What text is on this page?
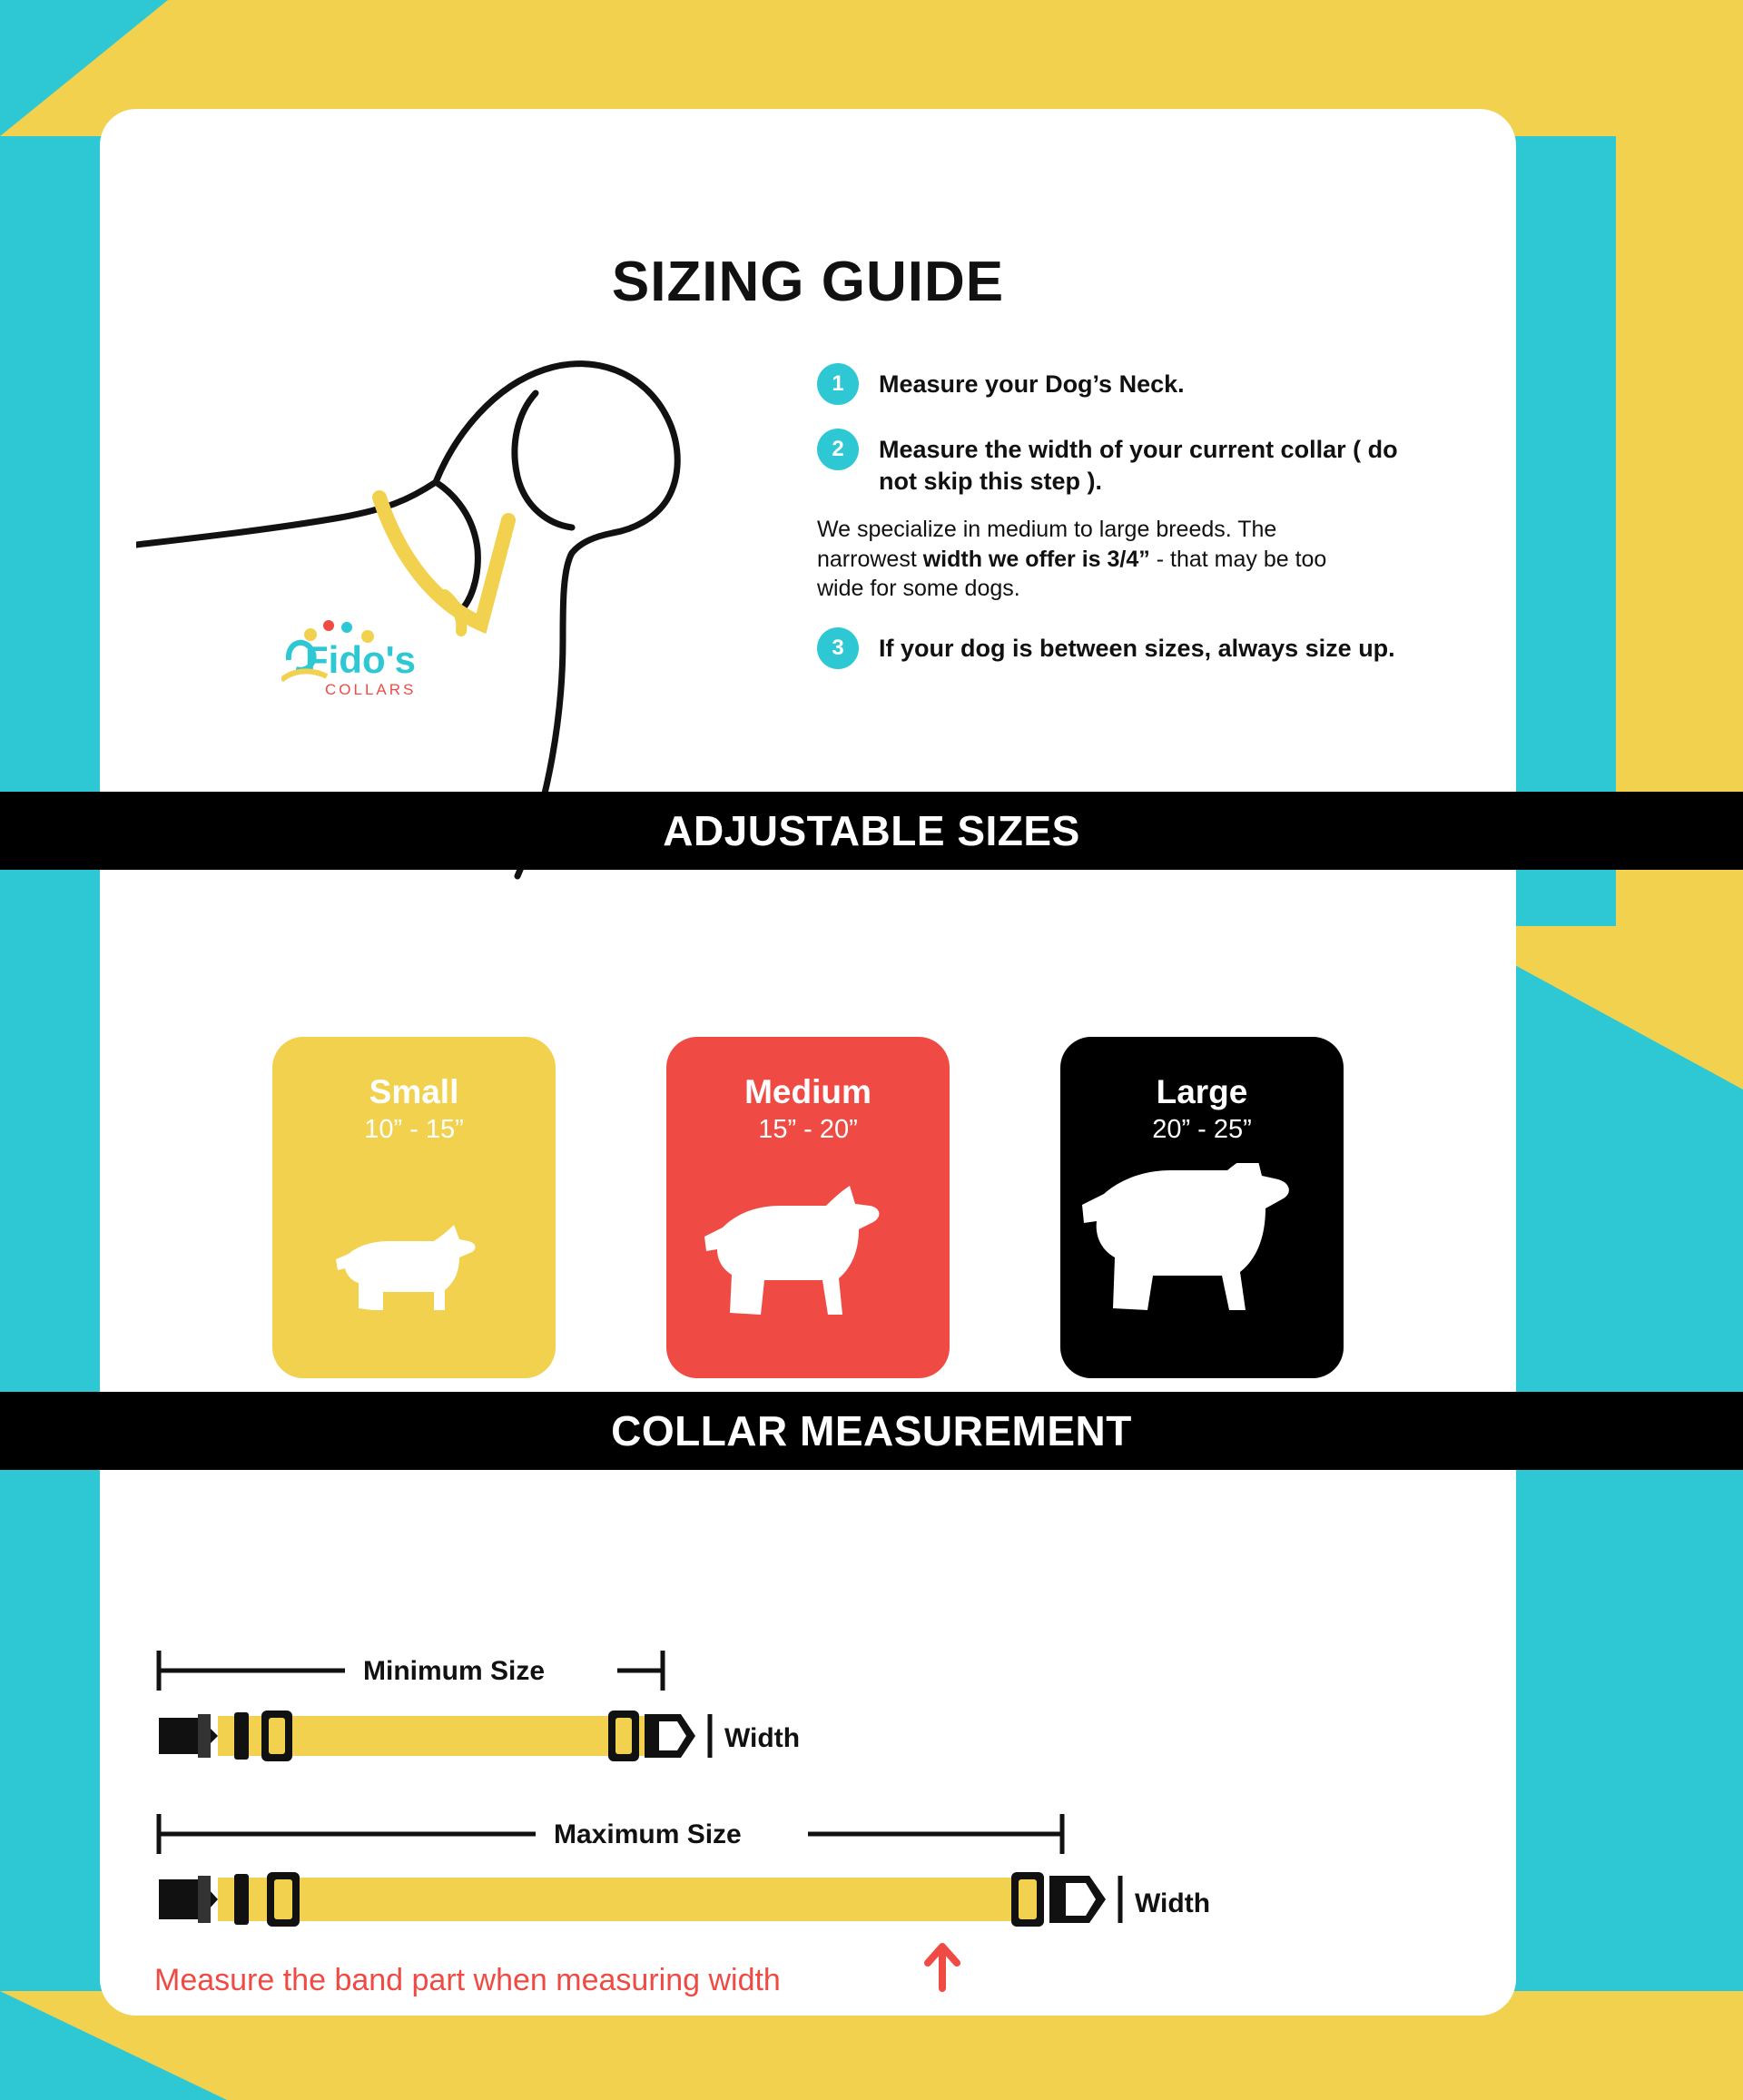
SIZING GUIDE
Fido's
COLLARS
1	Measure your Dog’s Neck.
2	Measure the width of your current collar ( do not skip this step ).
We specialize in medium to large breeds. The narrowest width we offer is 3/4” - that may be too wide for some dogs.
3	If your dog is between sizes, always size up.
Small
10” - 15”
Medium
15” - 20”
Large
20” - 25”
Minimum Size
Width
Maximum Size
Width
Measure the band part when measuring width
ADJUSTABLE SIZES
COLLAR MEASUREMENT
